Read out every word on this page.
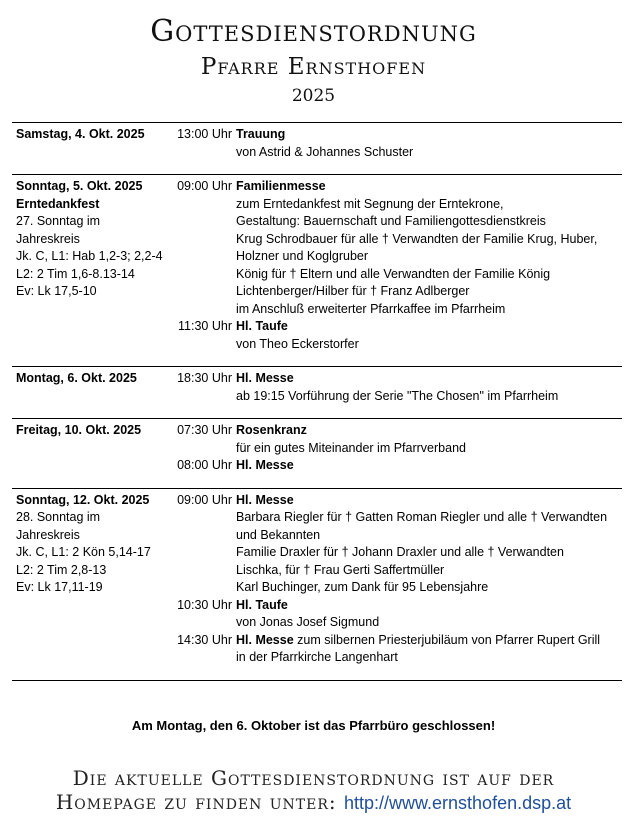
Gottesdienstordnung
Pfarre Ernsthofen
2025
Samstag, 4. Okt. 2025	13:00 Uhr Trauung
von Astrid & Johannes Schuster
Sonntag, 5. Okt. 2025	09:00 Uhr Familienmesse
Erntedankfest	zum Erntedankfest mit Segnung der Erntekrone,
27. Sonntag im	Gestaltung: Bauernschaft und Familiengottesdienstkreis
Jahreskreis	Krug Schrodbauer für alle † Verwandten der Familie Krug, Huber,
Jk. C, L1: Hab 1,2-3; 2,2-4	Holzner und Koglgruber
L2: 2 Tim 1,6-8.13-14	König für † Eltern und alle Verwandten der Familie König
Ev: Lk 17,5-10	Lichtenberger/Hilber für † Franz Adlberger
im Anschluß erweiterter Pfarrkaffee im Pfarrheim
11:30 Uhr Hl. Taufe
von Theo Eckerstorfer
Montag, 6. Okt. 2025	18:30 Uhr Hl. Messe
ab 19:15 Vorführung der Serie "The Chosen" im Pfarrheim
Freitag, 10. Okt. 2025	07:30 Uhr Rosenkranz
für ein gutes Miteinander im Pfarrverband
08:00 Uhr Hl. Messe
Sonntag, 12. Okt. 2025	09:00 Uhr Hl. Messe
28. Sonntag im	Barbara Riegler für † Gatten Roman Riegler und alle † Verwandten
Jahreskreis	und Bekannten
Jk. C, L1: 2 Kön 5,14-17	Familie Draxler für † Johann Draxler und alle † Verwandten
L2: 2 Tim 2,8-13	Lischka, für † Frau Gerti Saffertmüller
Ev: Lk 17,11-19	Karl Buchinger, zum Dank für 95 Lebensjahre
10:30 Uhr Hl. Taufe
von Jonas Josef Sigmund
14:30 Uhr Hl. Messe zum silbernen Priesterjubiläum von Pfarrer Rupert Grill
in der Pfarrkirche Langenhart
Am Montag, den 6. Oktober ist das Pfarrbüro geschlossen!
Die aktuelle Gottesdienstordnung ist auf der
Homepage zu finden unter: http://www.ernsthofen.dsp.at
